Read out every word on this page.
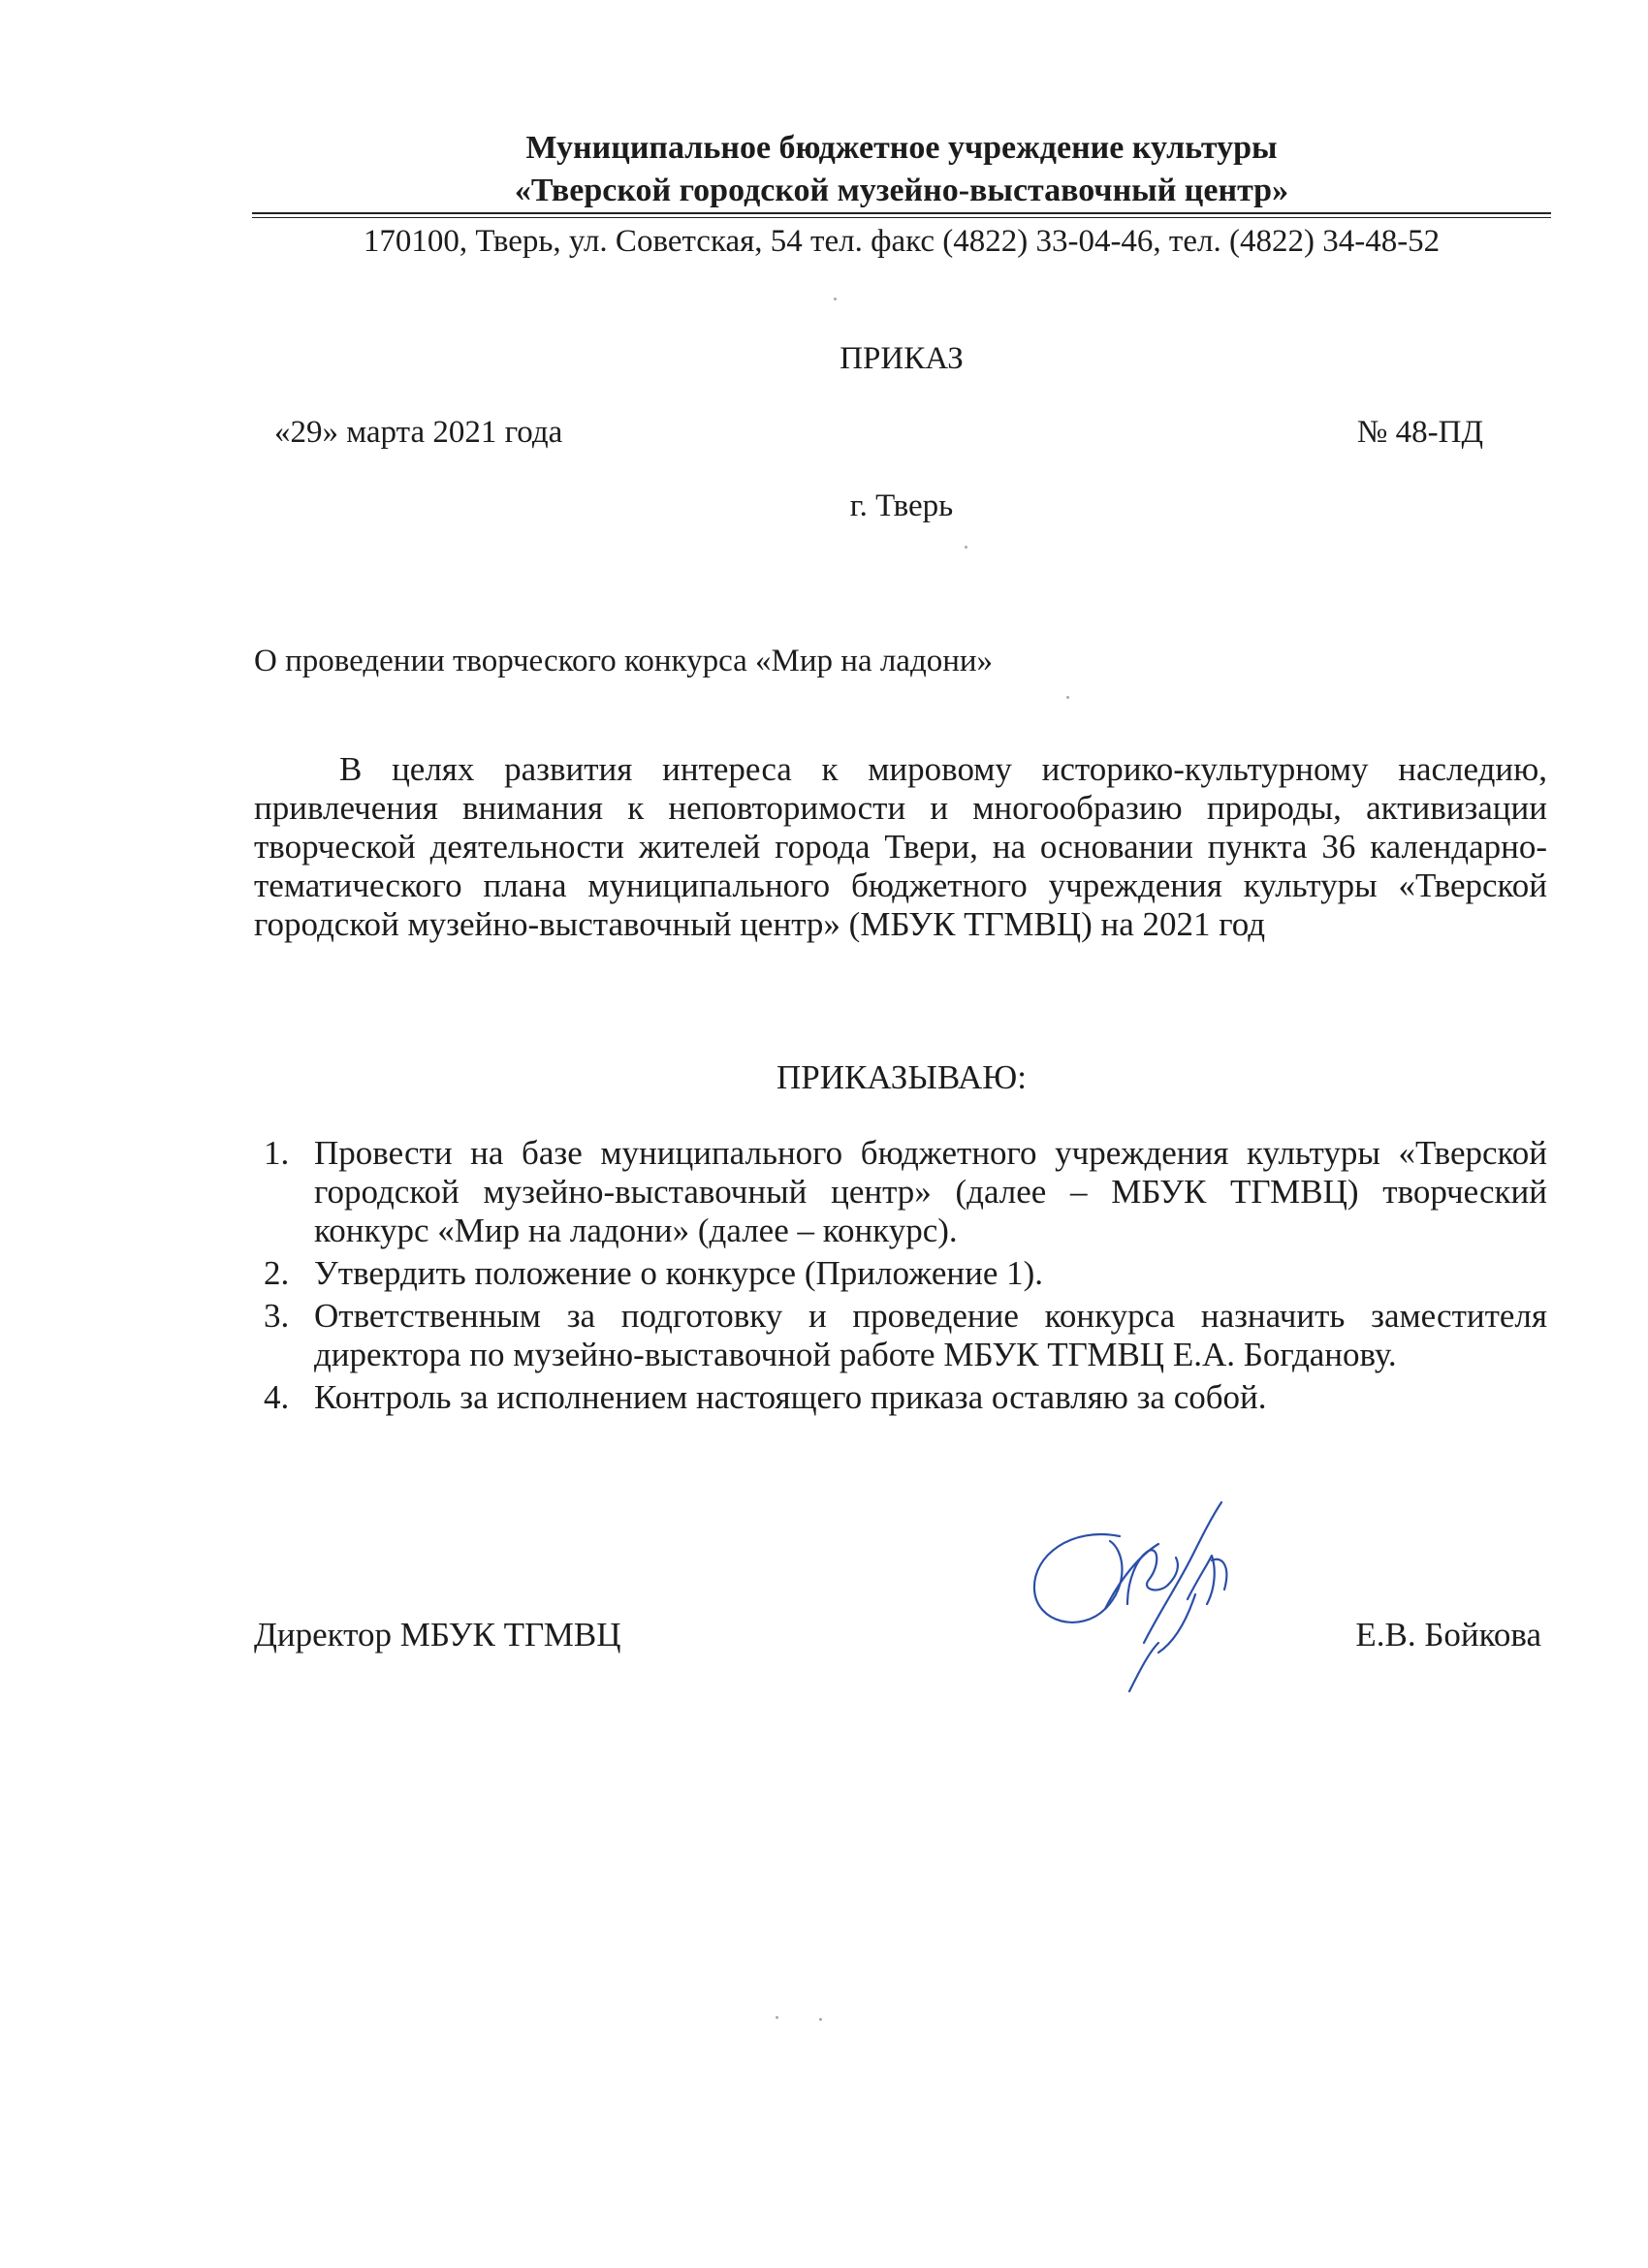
Муниципальное бюджетное учреждение культуры
«Тверской городской музейно-выставочный центр»
170100, Тверь, ул. Советская, 54 тел. факс (4822) 33-04-46, тел. (4822) 34-48-52
ПРИКАЗ
«29» марта 2021 года	№ 48-ПД
г. Тверь
О проведении творческого конкурса «Мир на ладони»

В целях развития интереса к мировому историко-культурному наследию, привлечения внимания к неповторимости и многообразию природы, активизации творческой деятельности жителей города Твери, на основании пункта 36 календарно-тематического плана муниципального бюджетного учреждения культуры «Тверской городской музейно-выставочный центр» (МБУК ТГМВЦ) на 2021 год

ПРИКАЗЫВАЮ:
1. Провести на базе муниципального бюджетного учреждения культуры «Тверской городской музейно-выставочный центр» (далее – МБУК ТГМВЦ) творческий конкурс «Мир на ладони» (далее – конкурс).
2. Утвердить положение о конкурсе (Приложение 1).
3. Ответственным за подготовку и проведение конкурса назначить заместителя директора по музейно-выставочной работе МБУК ТГМВЦ Е.А. Богданову.
4. Контроль за исполнением настоящего приказа оставляю за собой.
Директор МБУК ТГМВЦ	Е.В. Бойкова
